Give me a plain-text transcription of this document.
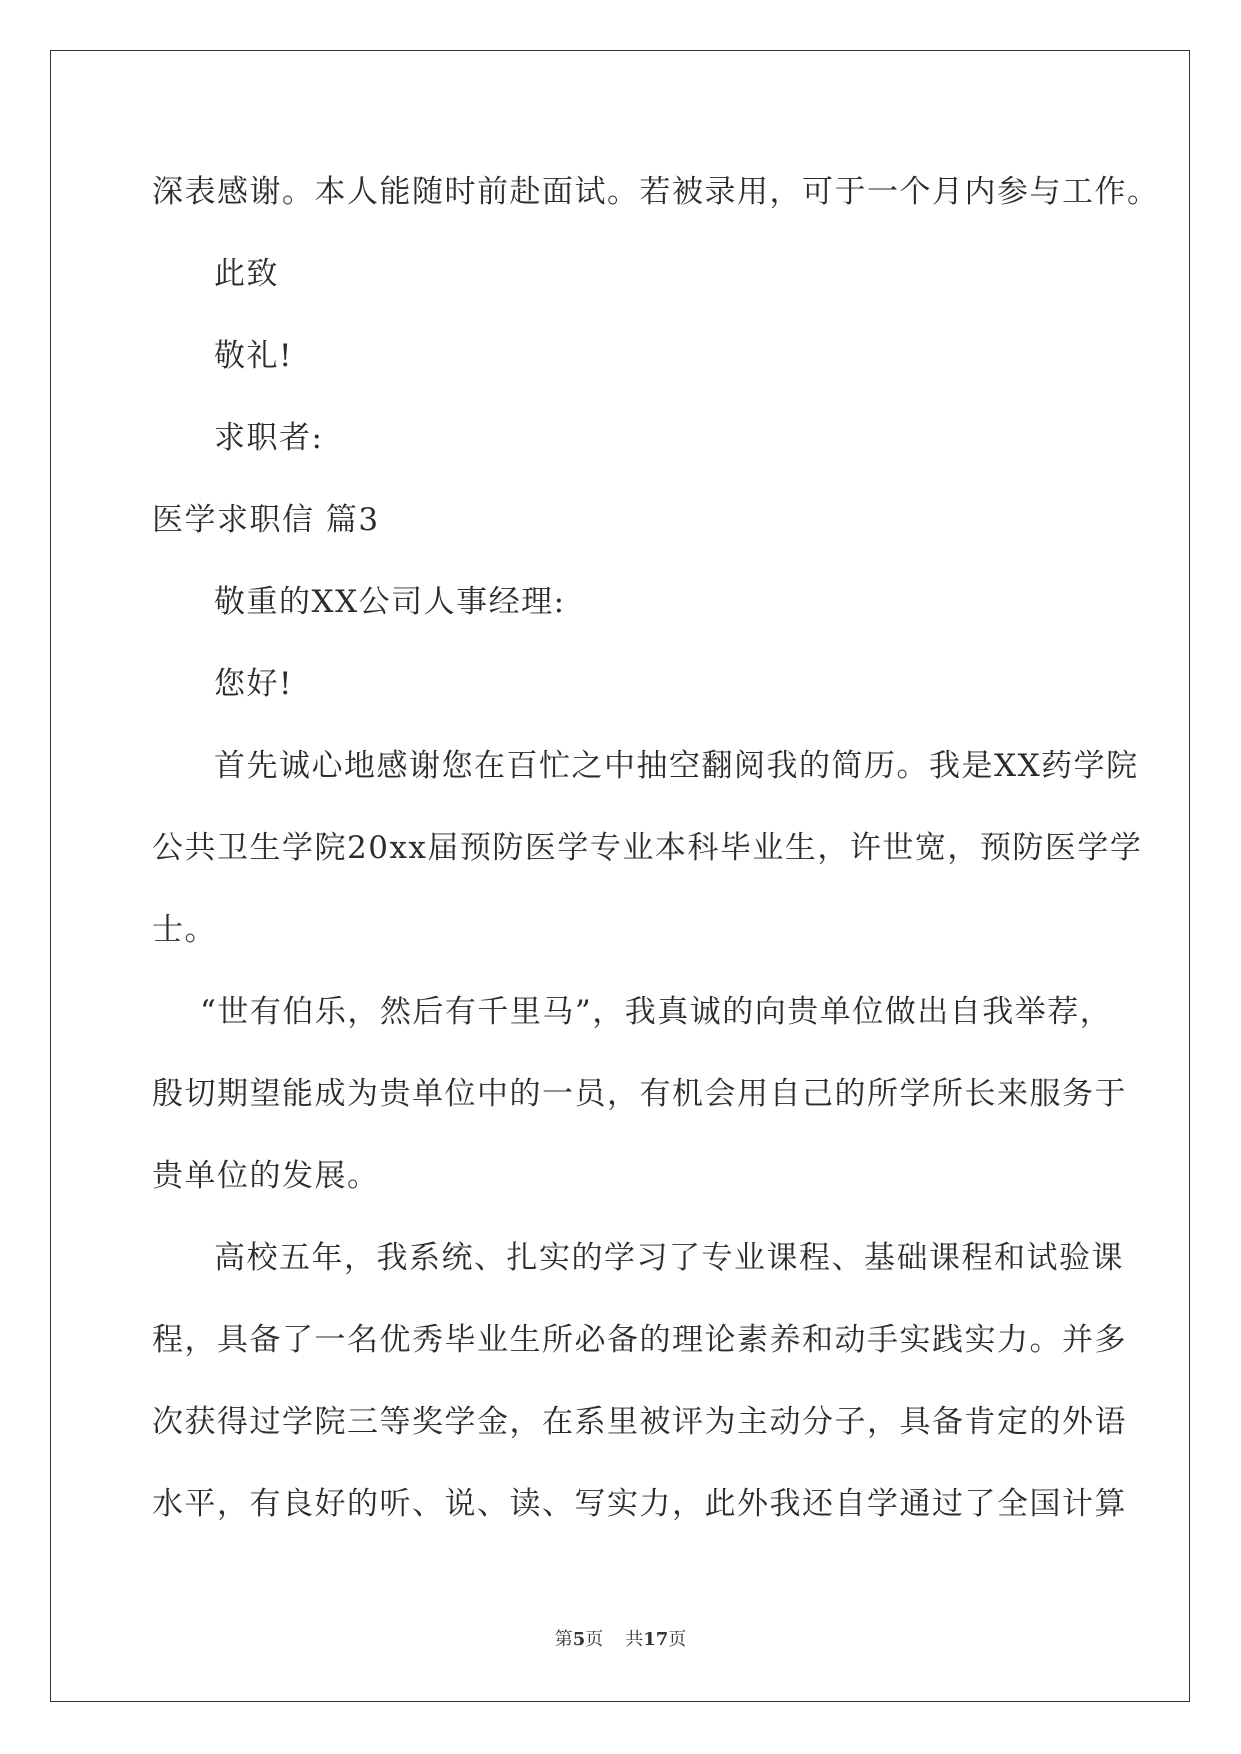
深表感谢。本人能随时前赴面试。若被录用，可于一个月内参与工作。
此致
敬礼!
求职者:
医学求职信 篇3
敬重的XX公司人事经理:
您好!
首先诚心地感谢您在百忙之中抽空翻阅我的简历。我是XX药学院
公共卫生学院20xx届预防医学专业本科毕业生，许世宽，预防医学学
士。
“世有伯乐，然后有千里马”，我真诚的向贵单位做出自我举荐，
殷切期望能成为贵单位中的一员，有机会用自己的所学所长来服务于
贵单位的发展。
高校五年，我系统、扎实的学习了专业课程、基础课程和试验课
程，具备了一名优秀毕业生所必备的理论素养和动手实践实力。并多
次获得过学院三等奖学金，在系里被评为主动分子，具备肯定的外语
水平，有良好的听、说、读、写实力，此外我还自学通过了全国计算
第5页 共17页
